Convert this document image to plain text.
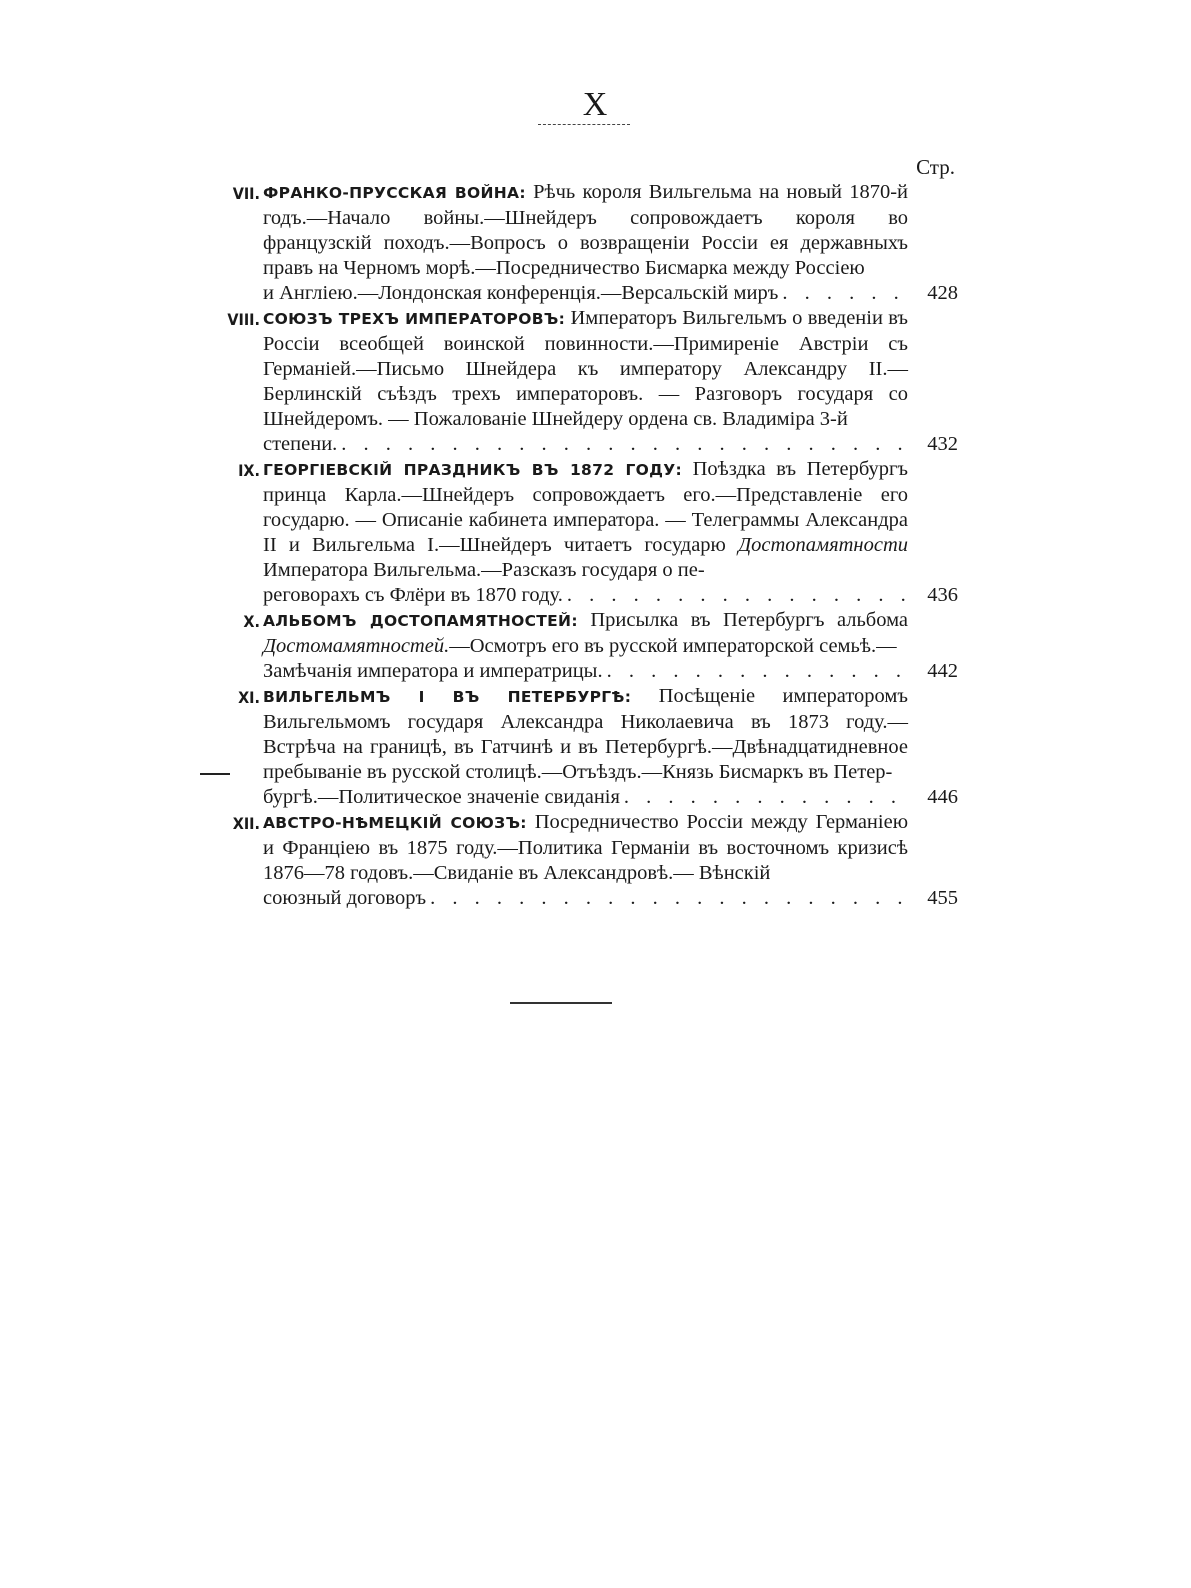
X
Стр.
VII. ФРАНКО-ПРУССКАЯ ВОЙНА: Рѣчь короля Вильгельма на новый 1870-й годъ.—Начало войны.—Шнейдеръ сопровождаетъ короля во французскій походъ.—Вопросъ о возвращеніи Россіи ея державныхъ правъ на Черномъ морѣ.—Посредничество Бисмарка между Россіею
и Англіею.—Лондонская конференція.—Версальскій миръ . . .	428
VIII. СОЮЗЪ ТРЕХЪ ИМПЕРАТОРОВЪ: Императоръ Вильгельмъ о введеніи въ Россіи всеобщей воинской повинности.—Примиреніе Австріи съ Германіей.—Письмо Шнейдера къ императору Александру II.— Берлинскій съѣздъ трехъ императоровъ. — Разговоръ государя со Шнейдеромъ. — Пожалованіе Шнейдеру ордена св. Владиміра 3-й
степени. . . .	432
IX. ГЕОРГІЕВСКІЙ ПРАЗДНИКЪ ВЪ 1872 ГОДУ: Поѣздка въ Петербургъ принца Карла.—Шнейдеръ сопровождаетъ его.—Представленіе его государю. — Описаніе кабинета императора. — Телеграммы Александра II и Вильгельма I.—Шнейдеръ читаетъ государю Достопамятности Императора Вильгельма.—Разсказъ государя о пе-
реговорахъ съ Флёри въ 1870 году. . . .	436
X. АЛЬБОМЪ ДОСТОПАМЯТНОСТЕЙ: Присылка въ Петербургъ альбома Достомамятностей.—Осмотръ его въ русской императорской семьѣ.—
Замѣчанія императора и императрицы. . . .	442
XI. ВИЛЬГЕЛЬМЪ I ВЪ ПЕТЕРБУРГѢ: Посѣщеніе императоромъ Вильгельмомъ государя Александра Николаевича въ 1873 году.—Встрѣча на границѣ, въ Гатчинѣ и въ Петербургѣ.—Двѣнадцатидневное пребываніе въ русской столицѣ.—Отъѣздъ.—Князь Бисмаркъ въ Петер-
бургѣ.—Политическое значеніе свиданія . . .	446
XII. АВСТРО-НѢМЕЦКІЙ СОЮЗЪ: Посредничество Россіи между Германіею и Франціею въ 1875 году.—Политика Германіи въ восточномъ кризисѣ 1876—78 годовъ.—Свиданіе въ Александровѣ.— Вѣнскій
союзный договоръ . . .	455
